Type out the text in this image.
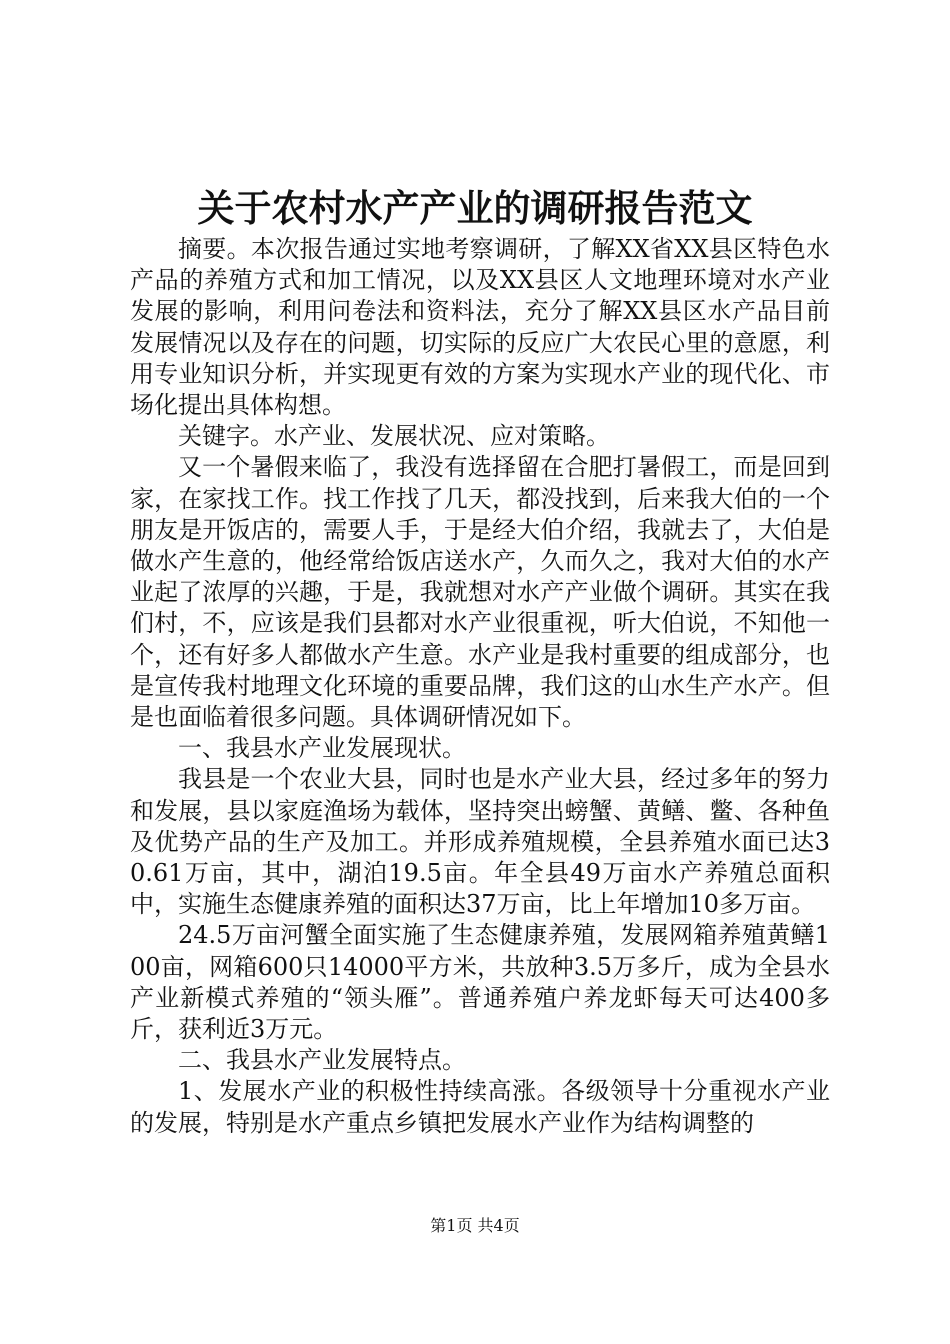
关于农村水产产业的调研报告范文

摘要。本次报告通过实地考察调研，了解XX省XX县区特色水产品的养殖方式和加工情况，以及XX县区人文地理环境对水产业发展的影响，利用问卷法和资料法，充分了解XX县区水产品目前发展情况以及存在的问题，切实际的反应广大农民心里的意愿，利用专业知识分析，并实现更有效的方案为实现水产业的现代化、市场化提出具体构想。

关键字。水产业、发展状况、应对策略。

又一个暑假来临了，我没有选择留在合肥打暑假工，而是回到家，在家找工作。找工作找了几天，都没找到，后来我大伯的一个朋友是开饭店的，需要人手，于是经大伯介绍，我就去了，大伯是做水产生意的，他经常给饭店送水产，久而久之，我对大伯的水产业起了浓厚的兴趣，于是，我就想对水产产业做个调研。其实在我们村，不，应该是我们县都对水产业很重视，听大伯说，不知他一个，还有好多人都做水产生意。水产业是我村重要的组成部分，也是宣传我村地理文化环境的重要品牌，我们这的山水生产水产。但是也面临着很多问题。具体调研情况如下。

一、我县水产业发展现状。

我县是一个农业大县，同时也是水产业大县，经过多年的努力和发展，县以家庭渔场为载体，坚持突出螃蟹、黄鳝、鳖、各种鱼及优势产品的生产及加工。并形成养殖规模，全县养殖水面已达30.61万亩，其中，湖泊19.5亩。年全县49万亩水产养殖总面积中，实施生态健康养殖的面积达37万亩，比上年增加10多万亩。

24.5万亩河蟹全面实施了生态健康养殖，发展网箱养殖黄鳝100亩，网箱600只14000平方米，共放种3.5万多斤，成为全县水产业新模式养殖的“领头雁”。普通养殖户养龙虾每天可达400多斤，获利近3万元。

二、我县水产业发展特点。

1、发展水产业的积极性持续高涨。各级领导十分重视水产业的发展，特别是水产重点乡镇把发展水产业作为结构调整的

第1页 共4页
